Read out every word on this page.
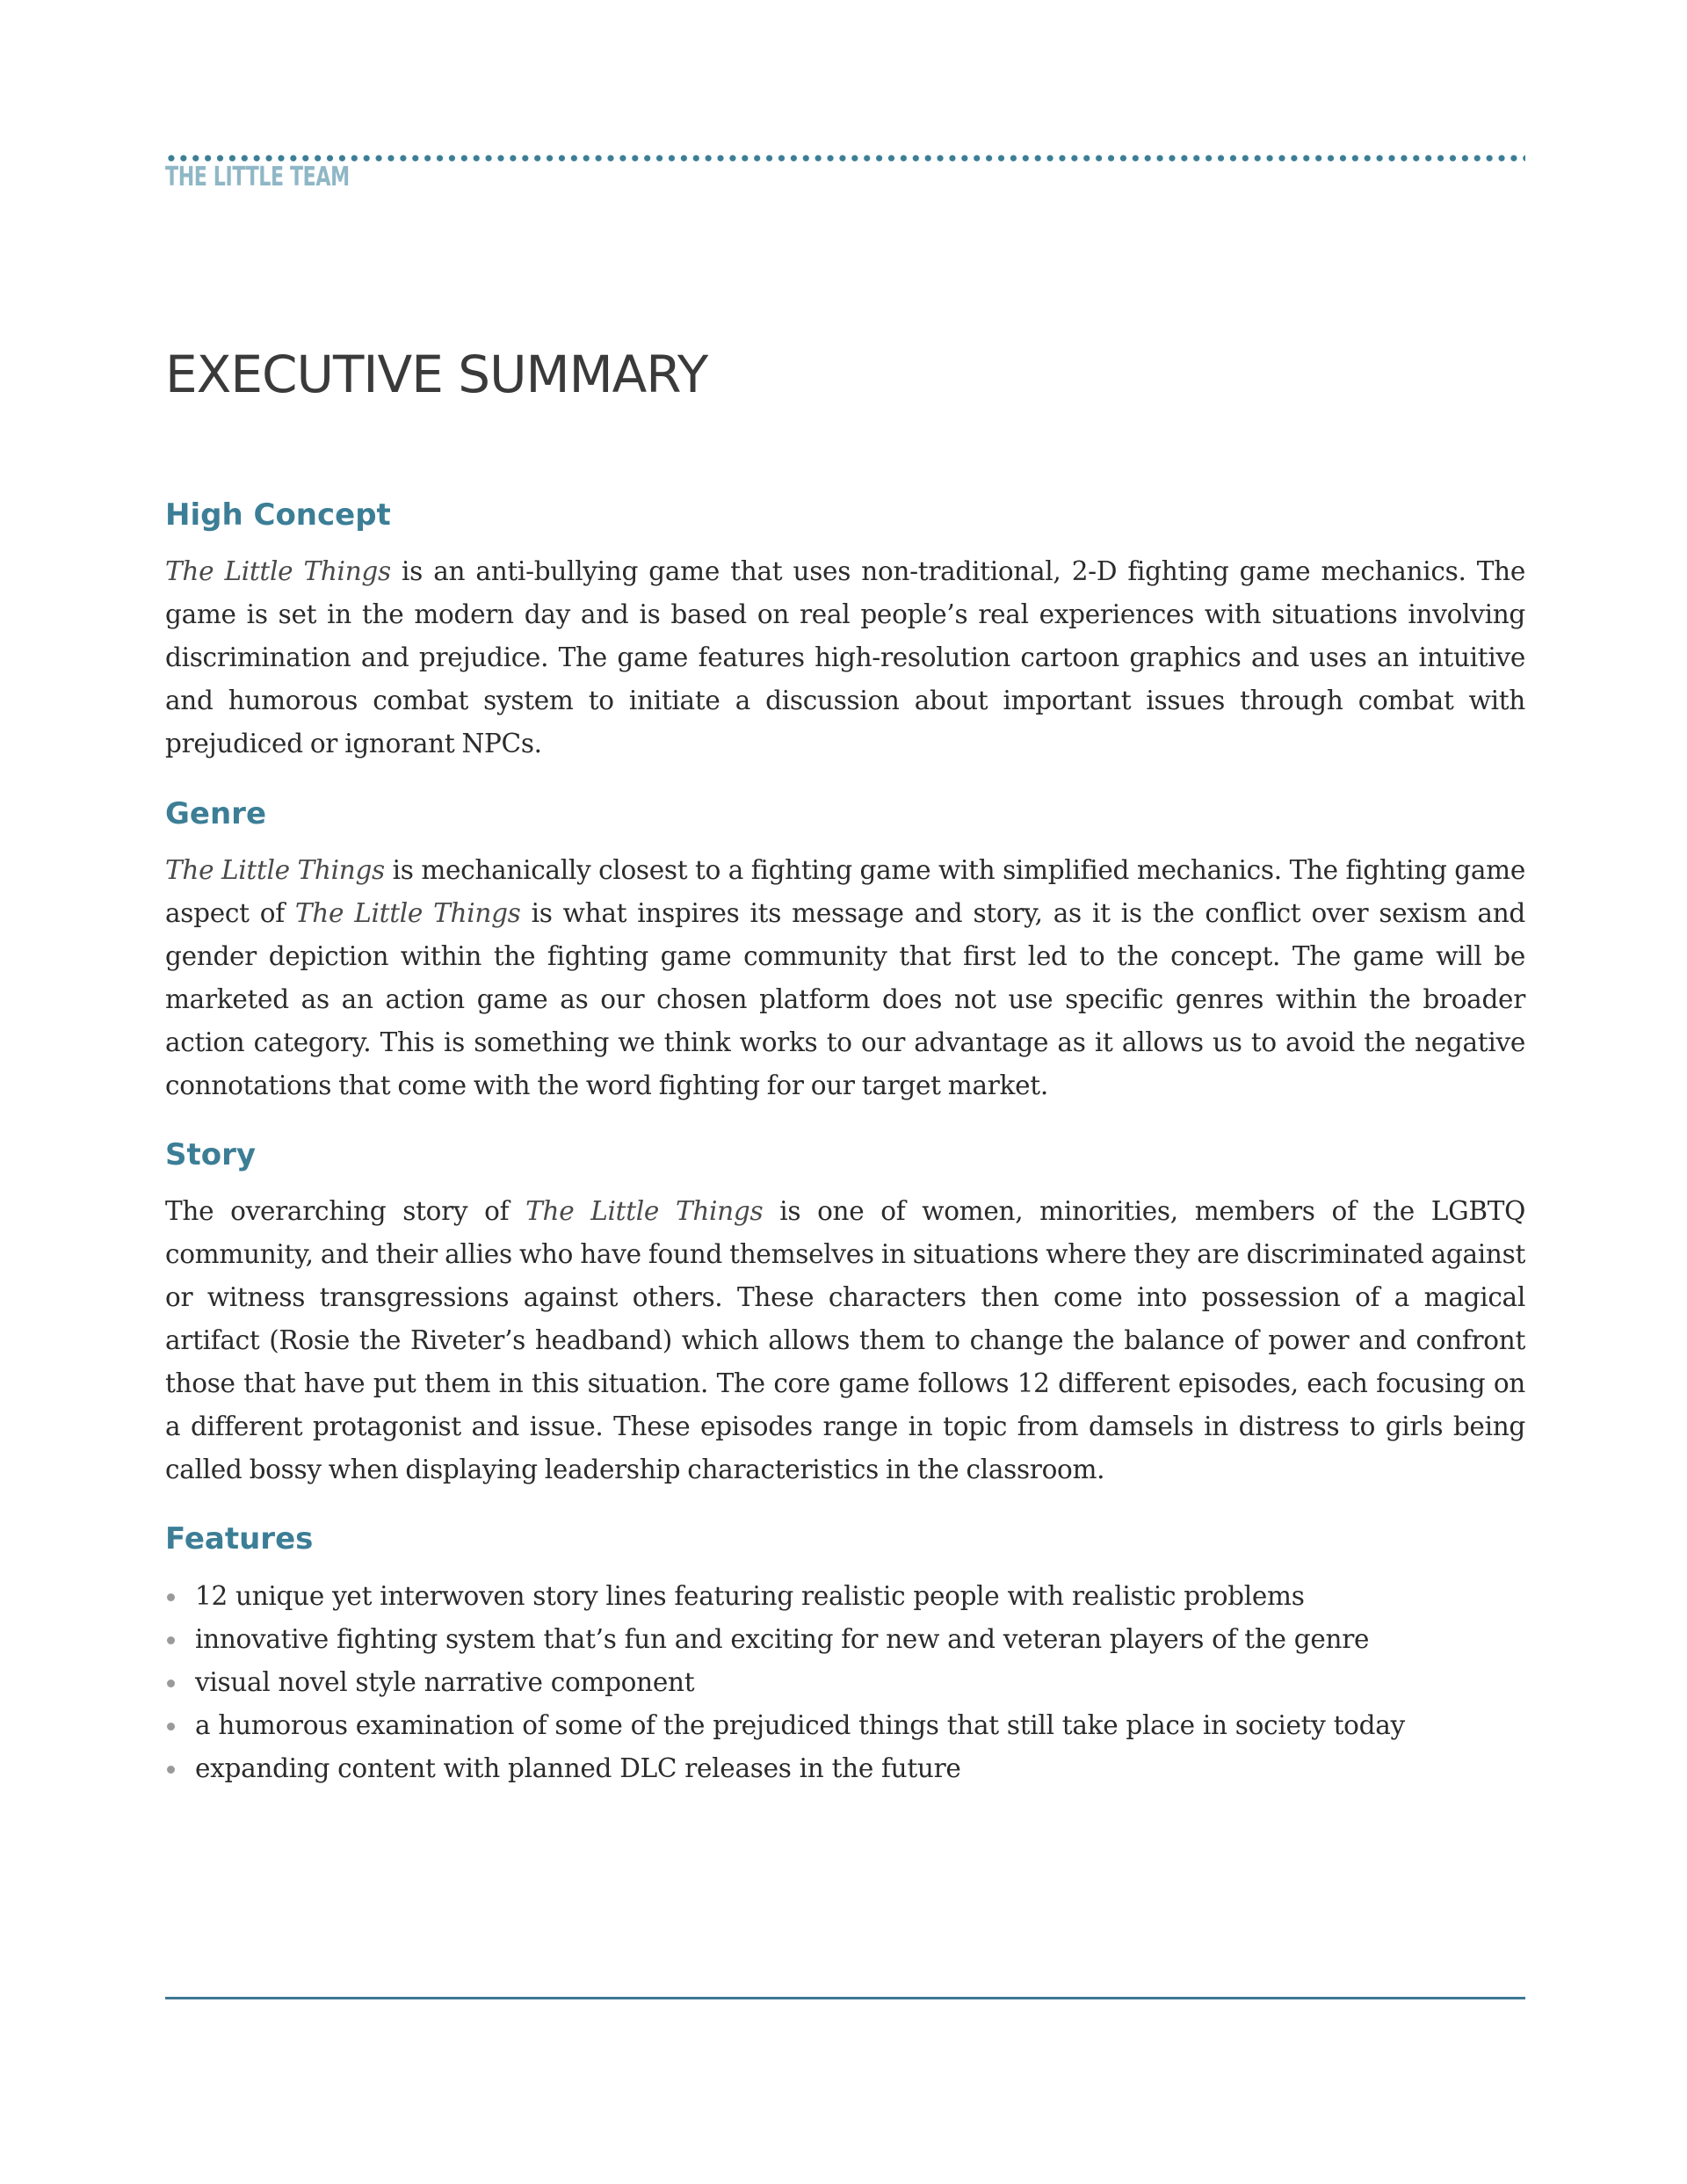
THE LITTLE TEAM
EXECUTIVE SUMMARY
High Concept

The Little Things is an anti-bullying game that uses non-traditional, 2-D fighting game mechanics. The game is set in the modern day and is based on real people’s real experiences with situations involving discrimination and prejudice. The game features high-resolution cartoon graphics and uses an intuitive and humorous combat system to initiate a discussion about important issues through combat with prejudiced or ignorant NPCs.

Genre

The Little Things is mechanically closest to a fighting game with simplified mechanics. The fighting game aspect of The Little Things is what inspires its message and story, as it is the conflict over sexism and gender depiction within the fighting game community that first led to the concept. The game will be marketed as an action game as our chosen platform does not use specific genres within the broader action category. This is something we think works to our advantage as it allows us to avoid the negative connotations that come with the word fighting for our target market.

Story

The overarching story of The Little Things is one of women, minorities, members of the LGBTQ community, and their allies who have found themselves in situations where they are discriminated against or witness transgressions against others. These characters then come into possession of a magical artifact (Rosie the Riveter’s headband) which allows them to change the balance of power and confront those that have put them in this situation. The core game follows 12 different episodes, each focusing on a different protagonist and issue. These episodes range in topic from damsels in distress to girls being called bossy when displaying leadership characteristics in the classroom.

Features
12 unique yet interwoven story lines featuring realistic people with realistic problems
innovative fighting system that’s fun and exciting for new and veteran players of the genre
visual novel style narrative component
a humorous examination of some of the prejudiced things that still take place in society today
expanding content with planned DLC releases in the future
